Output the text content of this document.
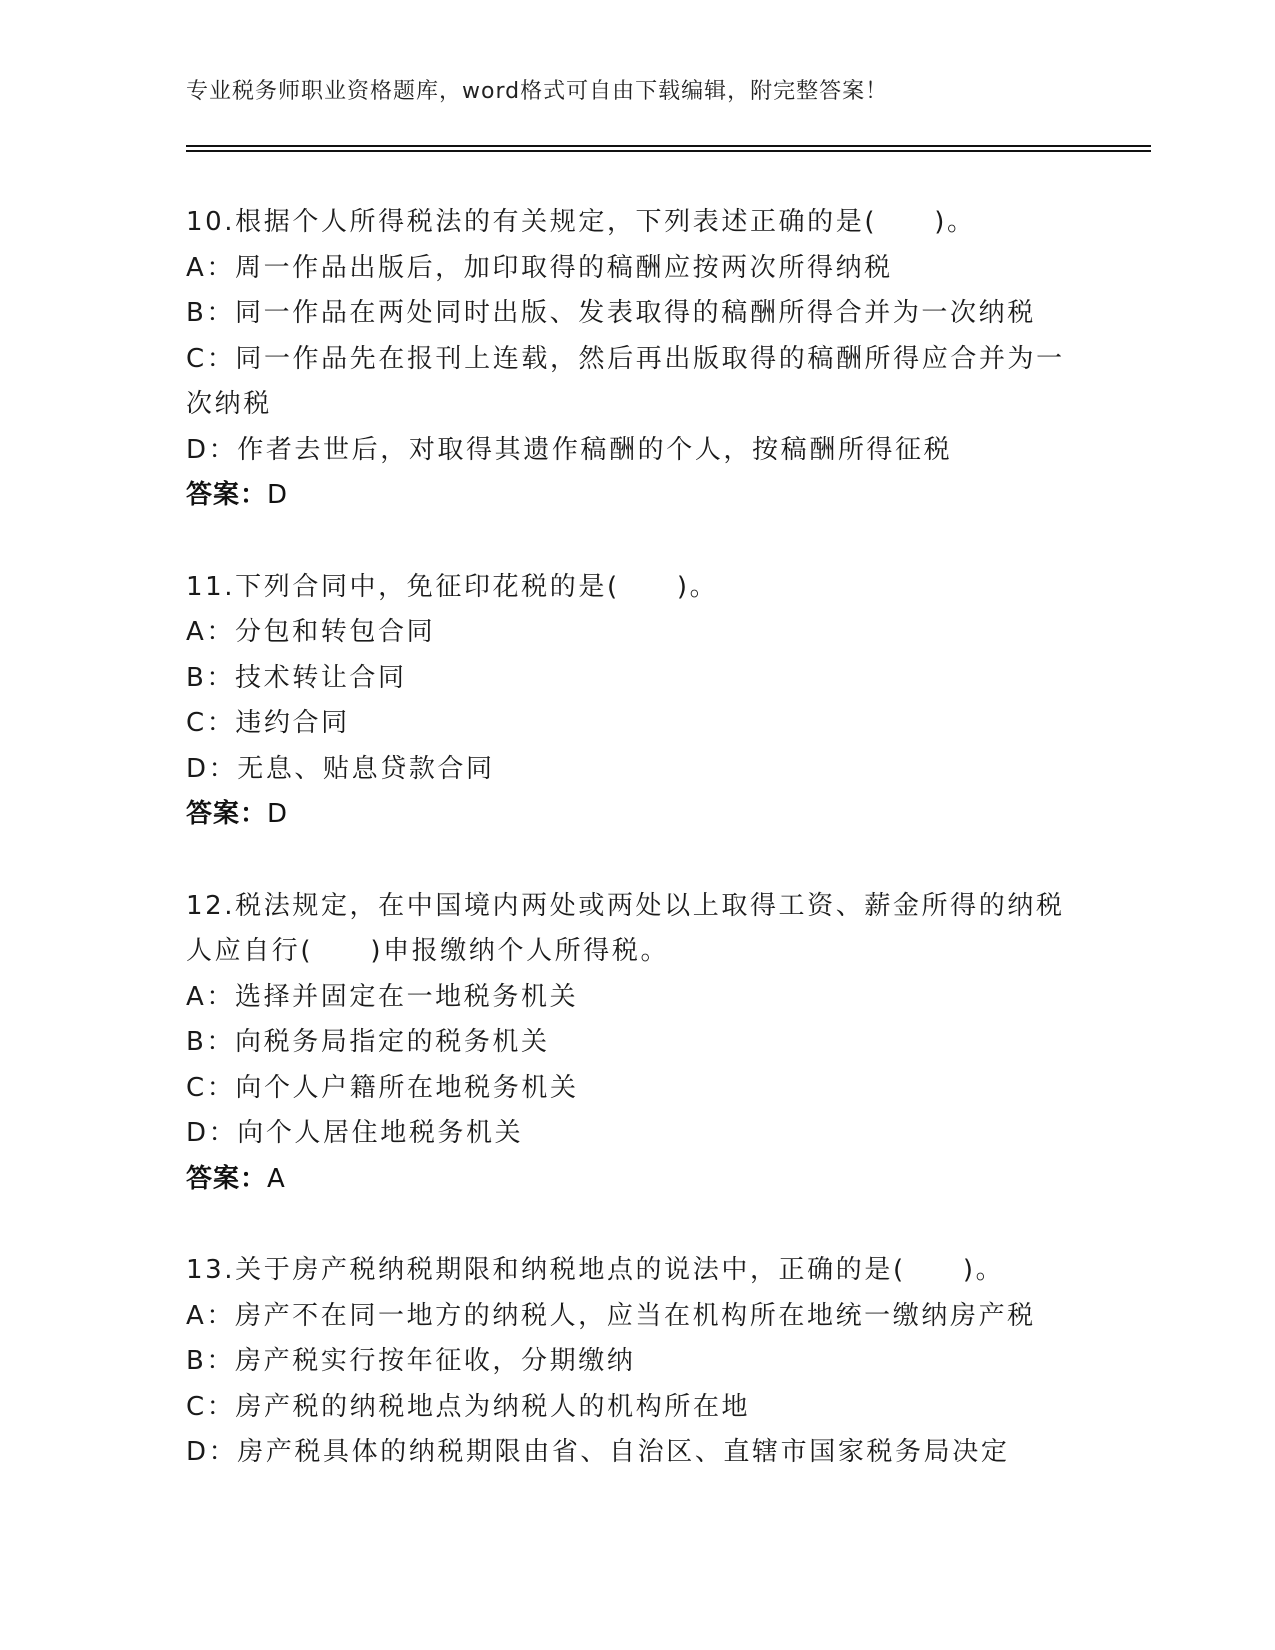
专业税务师职业资格题库，word格式可自由下载编辑，附完整答案！
10.根据个人所得税法的有关规定，下列表述正确的是(　　)。
A：周一作品出版后，加印取得的稿酬应按两次所得纳税
B：同一作品在两处同时出版、发表取得的稿酬所得合并为一次纳税
C：同一作品先在报刊上连载，然后再出版取得的稿酬所得应合并为一次纳税
D：作者去世后，对取得其遗作稿酬的个人，按稿酬所得征税
答案：D
11.下列合同中，免征印花税的是(　　)。
A：分包和转包合同
B：技术转让合同
C：违约合同
D：无息、贴息贷款合同
答案：D
12.税法规定，在中国境内两处或两处以上取得工资、薪金所得的纳税人应自行(　　)申报缴纳个人所得税。
A：选择并固定在一地税务机关
B：向税务局指定的税务机关
C：向个人户籍所在地税务机关
D：向个人居住地税务机关
答案：A
13.关于房产税纳税期限和纳税地点的说法中，正确的是(　　)。
A：房产不在同一地方的纳税人，应当在机构所在地统一缴纳房产税
B：房产税实行按年征收，分期缴纳
C：房产税的纳税地点为纳税人的机构所在地
D：房产税具体的纳税期限由省、自治区、直辖市国家税务局决定
